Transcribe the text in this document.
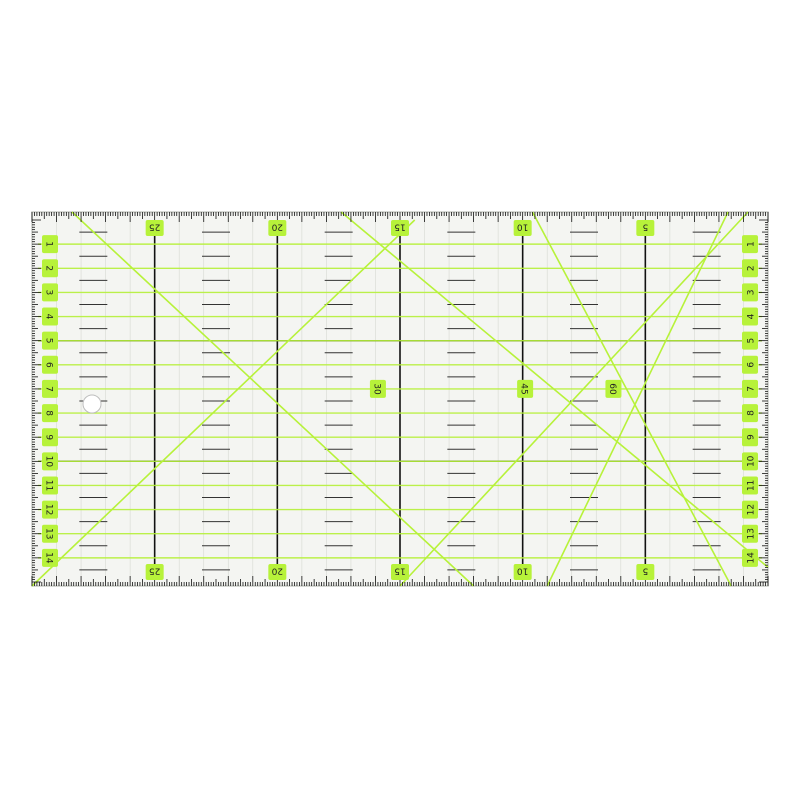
25
25
20
20
15
15
10
10
5
5
1
2
3
4
5
6
7
8
9
10
11
12
13
14
1
2
3
4
5
6
7
8
9
10
11
12
13
14
30	45	60
